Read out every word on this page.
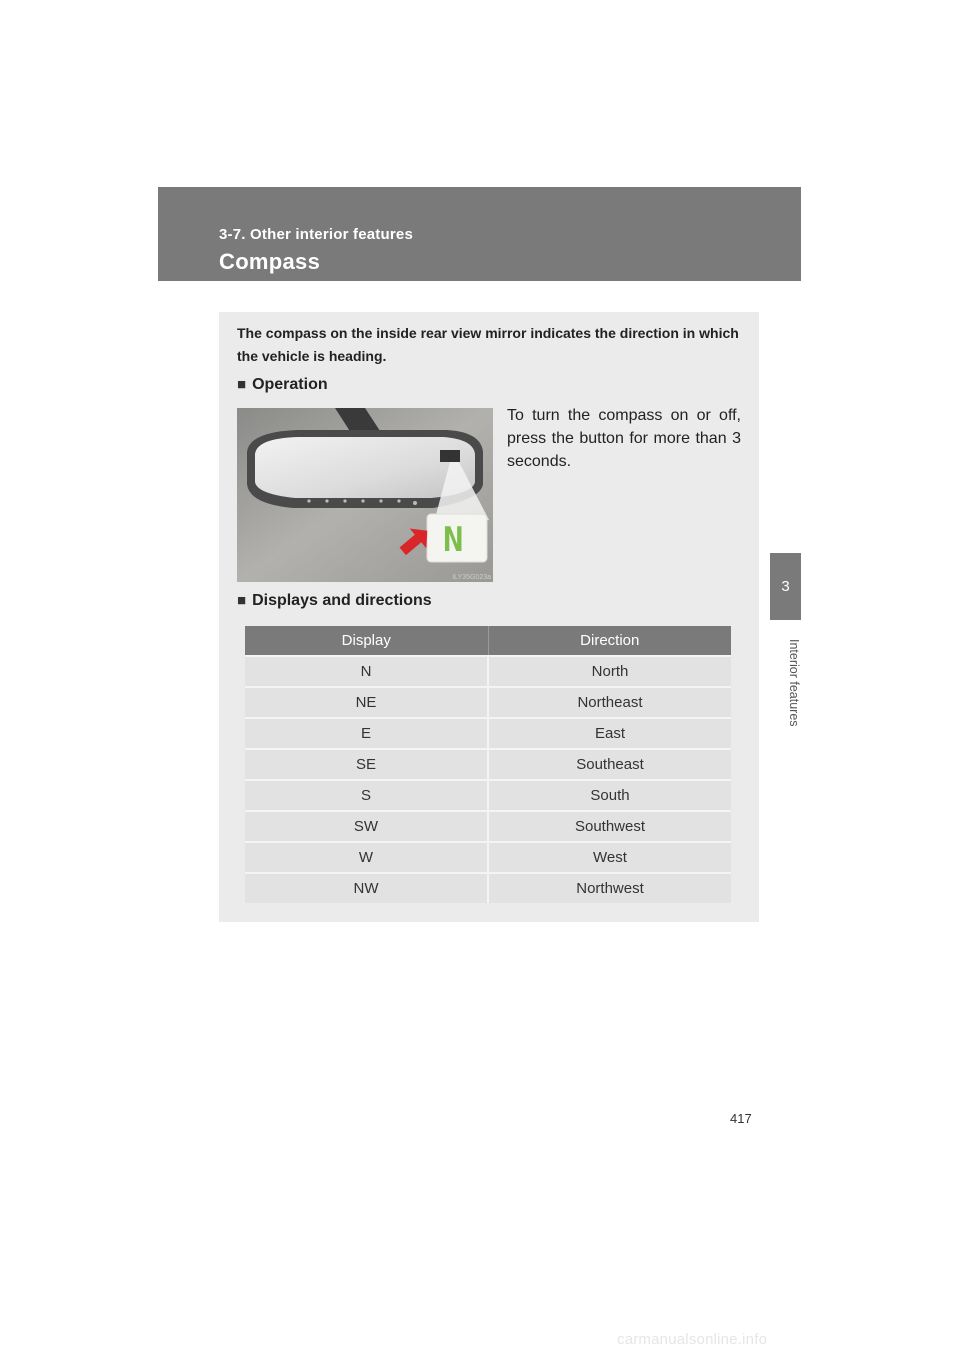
3-7. Other interior features
Compass
3
Interior features
The compass on the inside rear view mirror indicates the direction in which the vehicle is heading.
■ Operation
N
ILY35G023a
To turn the compass on or off, press the button for more than 3 seconds.
■ Displays and directions
Display	Direction
N	North
NE	Northeast
E	East
SE	Southeast
S	South
SW	Southwest
W	West
NW	Northwest
417
carmanualsonline.info
